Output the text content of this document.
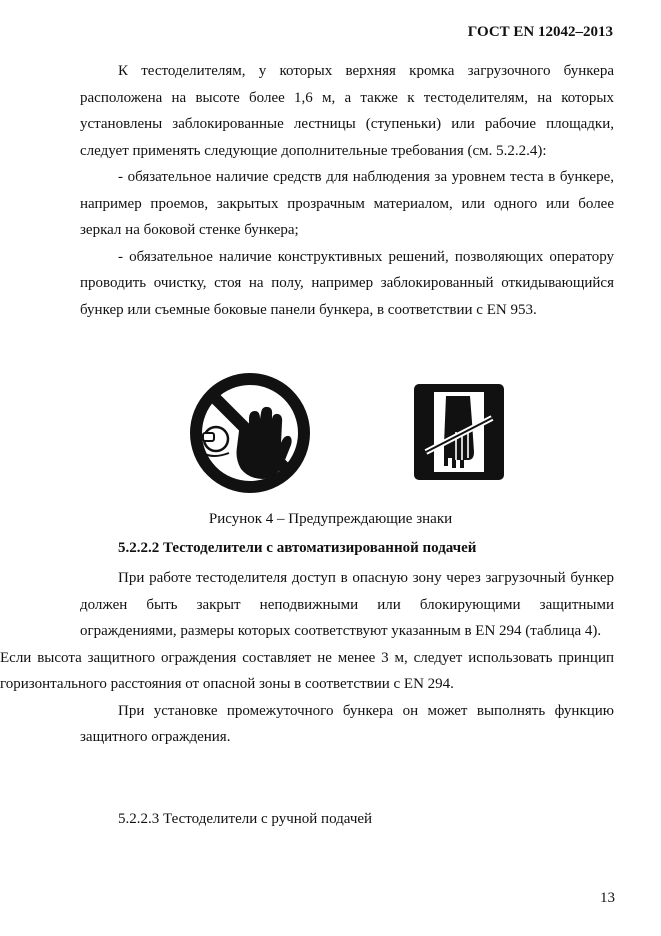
ГОСТ EN 12042–2013

К тестоделителям, у которых верхняя кромка загрузочного бункера расположена на высоте более 1,6 м, а также к тестоделителям, на которых установлены заблокированные лестницы (ступеньки) или рабочие площадки, следует применять следующие дополнительные требования (см. 5.2.2.4):

- обязательное наличие средств для наблюдения за уровнем теста в бункере, например проемов, закрытых прозрачным материалом, или одного или более зеркал на боковой стенке бункера;

- обязательное наличие конструктивных решений, позволяющих оператору проводить очистку, стоя на полу, например заблокированный откидывающийся бункер или съемные боковые панели бункера, в соответствии с EN 953.

Рисунок 4 – Предупреждающие знаки
5.2.2.2 Тестоделители с автоматизированной подачей

При работе тестоделителя доступ в опасную зону через загрузочный бункер должен быть закрыт неподвижными или блокирующими защитными ограждениями, размеры которых соответствуют указанным в EN 294 (таблица 4).

Если высота защитного ограждения составляет не менее 3 м, следует использовать принцип горизонтального расстояния от опасной зоны в соответствии с EN 294.

При установке промежуточного бункера он может выполнять функцию защитного ограждения.

5.2.2.3 Тестоделители с ручной подачей
13
